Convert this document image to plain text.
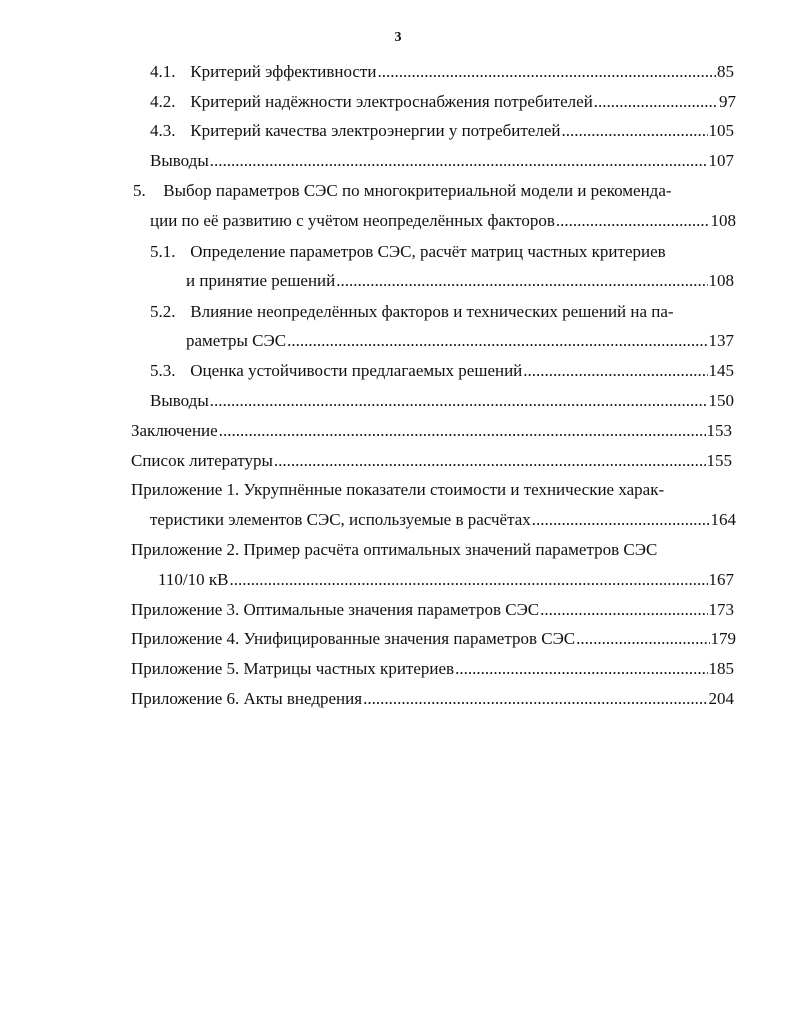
3
4.1. Критерий эффективности .....	85
4.2. Критерий надёжности электроснабжения потребителей .....	97
4.3. Критерий качества электроэнергии у потребителей .....	105
Выводы .....	107
5. Выбор параметров СЭС по многокритериальной модели и рекоменда-
ции по её развитию с учётом неопределённых факторов .....	108
5.1. Определение параметров СЭС, расчёт матриц частных критериев
и принятие решений .....	108
5.2. Влияние неопределённых факторов и технических решений на па-
раметры СЭС .....	137
5.3. Оценка устойчивости предлагаемых решений .....	145
Выводы .....	150
Заключение .....	153
Список литературы .....	155
Приложение 1. Укрупнённые показатели стоимости и технические харак-
теристики элементов СЭС, используемые в расчётах .....	164
Приложение 2. Пример расчёта оптимальных значений параметров СЭС
110/10 кВ .....	167
Приложение 3. Оптимальные значения параметров СЭС .....	173
Приложение 4. Унифицированные значения параметров СЭС .....	179
Приложение 5. Матрицы частных критериев .....	185
Приложение 6. Акты внедрения .....	204
